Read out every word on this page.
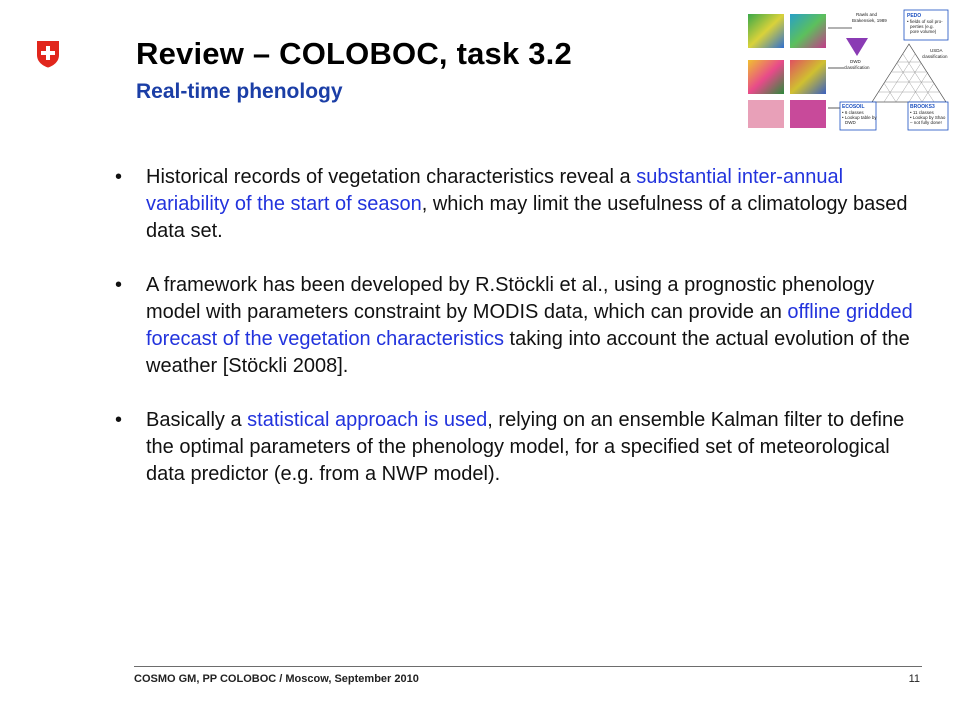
Review – COLOBOC, task 3.2
Real-time phenology
Rawls and
Brakensiek, 1989
PEDO
• fields of soil pro-
perties (e.g.
pore volume)
DWD
classification
USDA
classification
ECOSOIL
• 6 classes
• Lookup table by
DWD
BROOKS3
• 11 classes
• Lookup by Shao
– not fully done!
• Historical records of vegetation characteristics reveal a substantial inter-annual variability of the start of season, which may limit the usefulness of a climatology based data set.
• A framework has been developed by R.Stöckli et al., using a prognostic phenology model with parameters constraint by MODIS data, which can provide an offline gridded forecast of the vegetation characteristics taking into account the actual evolution of the weather [Stöckli 2008].
• Basically a statistical approach is used, relying on an ensemble Kalman filter to define the optimal parameters of the phenology model, for a specified set of meteorological data predictor (e.g. from a NWP model).
COSMO GM, PP COLOBOC / Moscow, September 2010	11
